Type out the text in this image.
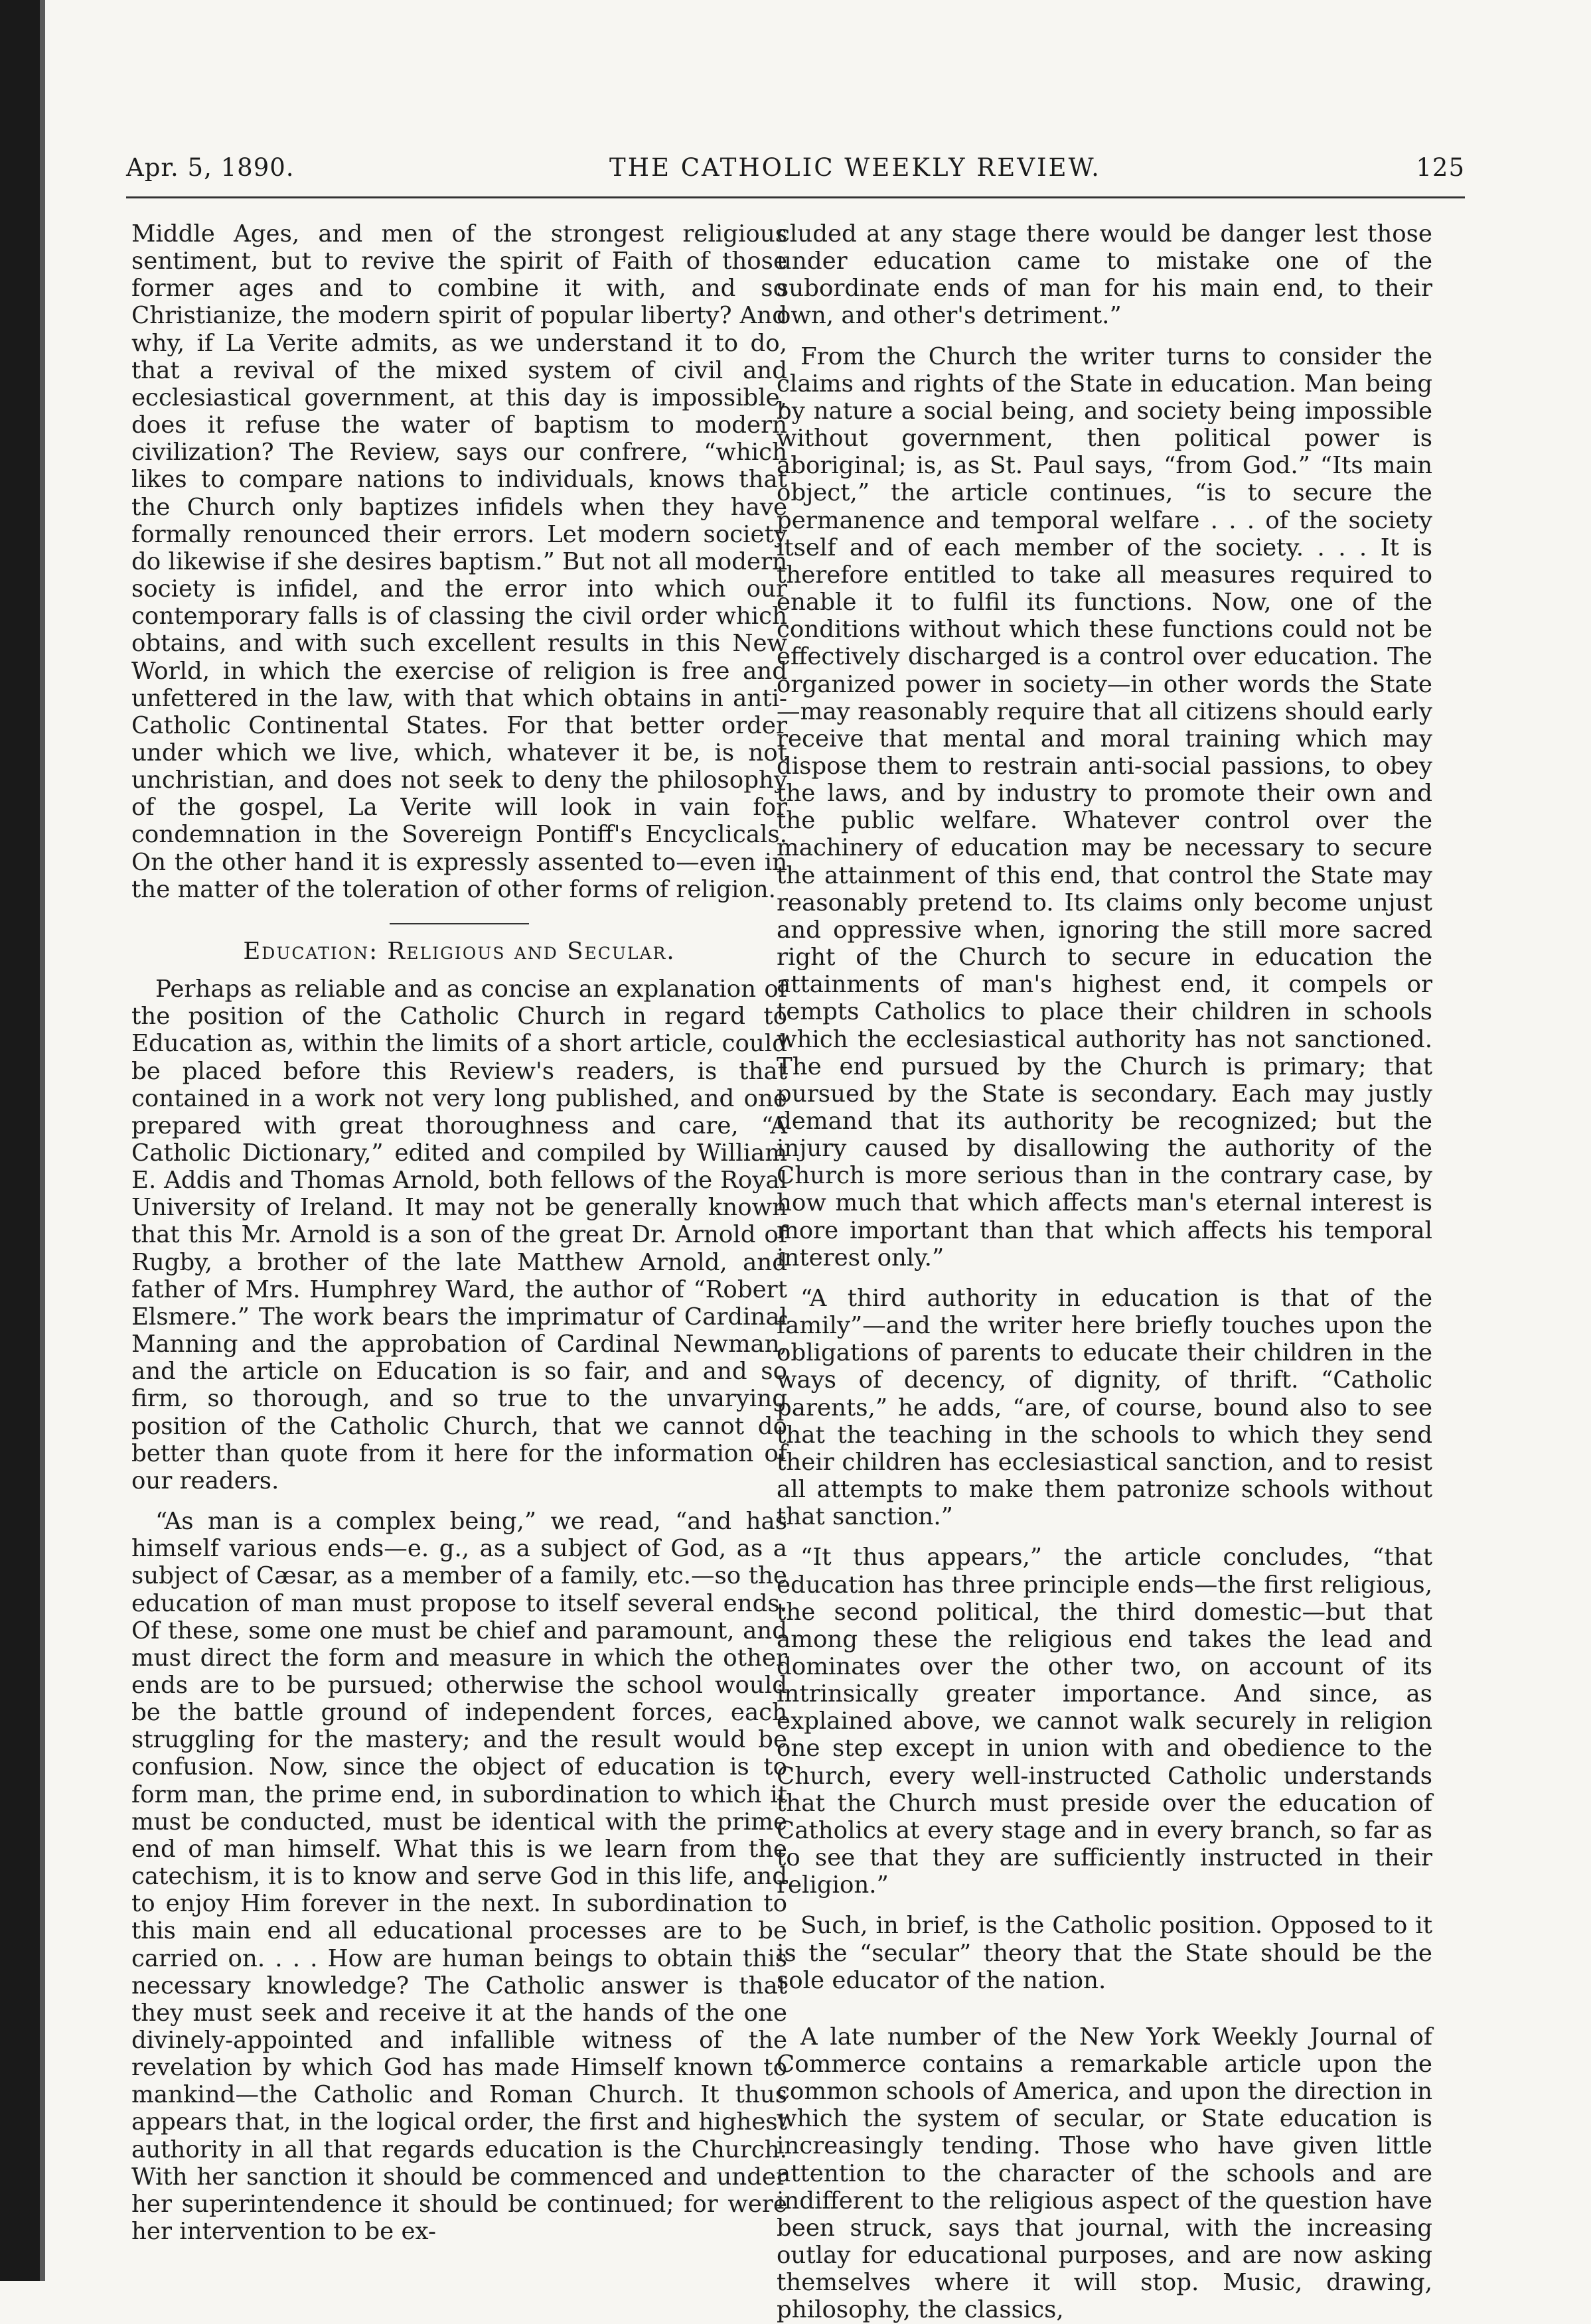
Apr. 5, 1890.	THE CATHOLIC WEEKLY REVIEW.	125

Middle Ages, and men of the strongest religious sentiment, but to revive the spirit of Faith of those former ages and to combine it with, and so Christianize, the modern spirit of popular liberty? And why, if La Verite admits, as we understand it to do, that a revival of the mixed system of civil and ecclesiastical government, at this day is impossible, does it refuse the water of baptism to modern civilization? The Review, says our confrere, “which likes to compare nations to individuals, knows that the Church only baptizes infidels when they have formally renounced their errors. Let modern society do likewise if she desires baptism.” But not all modern society is infidel, and the error into which our contemporary falls is of classing the civil order which obtains, and with such excellent results in this New World, in which the exercise of religion is free and unfettered in the law, with that which obtains in anti-Catholic Continental States. For that better order under which we live, which, whatever it be, is not unchristian, and does not seek to deny the philosophy of the gospel, La Verite will look in vain for condemnation in the Sovereign Pontiff's Encyclicals. On the other hand it is expressly assented to—even in the matter of the toleration of other forms of religion.

Education: Religious and Secular.

Perhaps as reliable and as concise an explanation of the position of the Catholic Church in regard to Education as, within the limits of a short article, could be placed before this Review's readers, is that contained in a work not very long published, and one prepared with great thoroughness and care, “A Catholic Dictionary,” edited and compiled by William E. Addis and Thomas Arnold, both fellows of the Royal University of Ireland. It may not be generally known that this Mr. Arnold is a son of the great Dr. Arnold of Rugby, a brother of the late Matthew Arnold, and father of Mrs. Humphrey Ward, the author of “Robert Elsmere.” The work bears the imprimatur of Cardinal Manning and the approbation of Cardinal Newman, and the article on Education is so fair, and and so firm, so thorough, and so true to the unvarying position of the Catholic Church, that we cannot do better than quote from it here for the information of our readers.

“As man is a complex being,” we read, “and has himself various ends—e. g., as a subject of God, as a subject of Cæsar, as a member of a family, etc.—so the education of man must propose to itself several ends. Of these, some one must be chief and paramount, and must direct the form and measure in which the other ends are to be pursued; otherwise the school would be the battle ground of independent forces, each struggling for the mastery; and the result would be confusion. Now, since the object of education is to form man, the prime end, in subordination to which it must be conducted, must be identical with the prime end of man himself. What this is we learn from the catechism, it is to know and serve God in this life, and to enjoy Him forever in the next. In subordination to this main end all educational processes are to be carried on. . . . How are human beings to obtain this necessary knowledge? The Catholic answer is that they must seek and receive it at the hands of the one divinely-appointed and infallible witness of the revelation by which God has made Himself known to mankind—the Catholic and Roman Church. It thus appears that, in the logical order, the first and highest authority in all that regards education is the Church. With her sanction it should be commenced and under her superintendence it should be continued; for were her intervention to be ex-

cluded at any stage there would be danger lest those under education came to mistake one of the subordinate ends of man for his main end, to their own, and other's detriment.”

From the Church the writer turns to consider the claims and rights of the State in education. Man being by nature a social being, and society being impossible without government, then political power is aboriginal; is, as St. Paul says, “from God.” “Its main object,” the article continues, “is to secure the permanence and temporal welfare . . . of the society itself and of each member of the society. . . . It is therefore entitled to take all measures required to enable it to fulfil its functions. Now, one of the conditions without which these functions could not be effectively discharged is a control over education. The organized power in society—in other words the State—may reasonably require that all citizens should early receive that mental and moral training which may dispose them to restrain anti-social passions, to obey the laws, and by industry to promote their own and the public welfare. Whatever control over the machinery of education may be necessary to secure the attainment of this end, that control the State may reasonably pretend to. Its claims only become unjust and oppressive when, ignoring the still more sacred right of the Church to secure in education the attainments of man's highest end, it compels or tempts Catholics to place their children in schools which the ecclesiastical authority has not sanctioned. The end pursued by the Church is primary; that pursued by the State is secondary. Each may justly demand that its authority be recognized; but the injury caused by disallowing the authority of the Church is more serious than in the contrary case, by how much that which affects man's eternal interest is more important than that which affects his temporal interest only.”

“A third authority in education is that of the family”—and the writer here briefly touches upon the obligations of parents to educate their children in the ways of decency, of dignity, of thrift. “Catholic parents,” he adds, “are, of course, bound also to see that the teaching in the schools to which they send their children has ecclesiastical sanction, and to resist all attempts to make them patronize schools without that sanction.”

“It thus appears,” the article concludes, “that education has three principle ends—the first religious, the second political, the third domestic—but that among these the religious end takes the lead and dominates over the other two, on account of its intrinsically greater importance. And since, as explained above, we cannot walk securely in religion one step except in union with and obedience to the Church, every well-instructed Catholic understands that the Church must preside over the education of Catholics at every stage and in every branch, so far as to see that they are sufficiently instructed in their religion.”

Such, in brief, is the Catholic position. Opposed to it is the “secular” theory that the State should be the sole educator of the nation.

A late number of the New York Weekly Journal of Commerce contains a remarkable article upon the common schools of America, and upon the direction in which the system of secular, or State education is increasingly tending. Those who have given little attention to the character of the schools and are indifferent to the religious aspect of the question have been struck, says that journal, with the increasing outlay for educational purposes, and are now asking themselves where it will stop. Music, drawing, philosophy, the classics,
